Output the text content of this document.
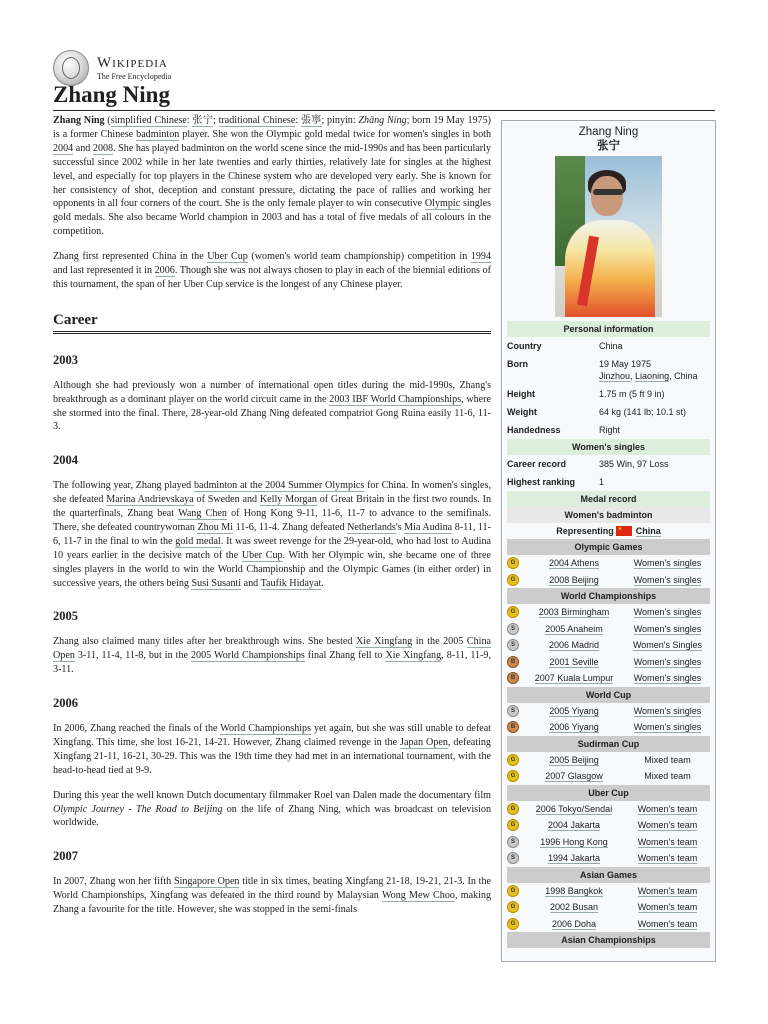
Wikipedia
The Free Encyclopedia
Zhang Ning

Zhang Ning (simplified Chinese: 张宁; traditional Chinese: 張寧; pinyin: Zhāng Níng; born 19 May 1975) is a former Chinese badminton player. She won the Olympic gold medal twice for women's singles in both 2004 and 2008. She has played badminton on the world scene since the mid-1990s and has been particularly successful since 2002 while in her late twenties and early thirties, relatively late for singles at the highest level, and especially for top players in the Chinese system who are developed very early. She is known for her consistency of shot, deception and constant pressure, dictating the pace of rallies and working her opponents in all four corners of the court. She is the only female player to win consecutive Olympic singles gold medals. She also became World champion in 2003 and has a total of five medals of all colours in the competition.

Zhang first represented China in the Uber Cup (women's world team championship) competition in 1994 and last represented it in 2006. Though she was not always chosen to play in each of the biennial editions of this tournament, the span of her Uber Cup service is the longest of any Chinese player.

Career
2003

Although she had previously won a number of international open titles during the mid-1990s, Zhang's breakthrough as a dominant player on the world circuit came in the 2003 IBF World Championships, where she stormed into the final. There, 28-year-old Zhang Ning defeated compatriot Gong Ruina easily 11-6, 11-3.

2004

The following year, Zhang played badminton at the 2004 Summer Olympics for China. In women's singles, she defeated Marina Andrievskaya of Sweden and Kelly Morgan of Great Britain in the first two rounds. In the quarterfinals, Zhang beat Wang Chen of Hong Kong 9-11, 11-6, 11-7 to advance to the semifinals. There, she defeated countrywoman Zhou Mi 11-6, 11-4. Zhang defeated Netherlands's Mia Audina 8-11, 11-6, 11-7 in the final to win the gold medal. It was sweet revenge for the 29-year-old, who had lost to Audina 10 years earlier in the decisive match of the Uber Cup. With her Olympic win, she became one of three singles players in the world to win the World Championship and the Olympic Games (in either order) in successive years, the others being Susi Susanti and Taufik Hidayat.

2005

Zhang also claimed many titles after her breakthrough wins. She bested Xie Xingfang in the 2005 China Open 3-11, 11-4, 11-8, but in the 2005 World Championships final Zhang fell to Xie Xingfang, 8-11, 11-9, 3-11.

2006

In 2006, Zhang reached the finals of the World Championships yet again, but she was still unable to defeat Xingfang. This time, she lost 16-21, 14-21. However, Zhang claimed revenge in the Japan Open, defeating Xingfang 21-11, 16-21, 30-29. This was the 19th time they had met in an international tournament, with the head-to-head tied at 9-9.

During this year the well known Dutch documentary filmmaker Roel van Dalen made the documentary film Olympic Journey - The Road to Beijing on the life of Zhang Ning, which was broadcast on television worldwide.

2007

In 2007, Zhang won her fifth Singapore Open title in six times, beating Xingfang 21-18, 19-21, 21-3. In the World Championships, Xingfang was defeated in the third round by Malaysian Wong Mew Choo, making Zhang a favourite for the title. However, she was stopped in the semi-finals

Zhang Ning
张宁
Personal information
Country	China
Born	19 May 1975
Jinzhou, Liaoning, China
Height	1.75 m (5 ft 9 in)
Weight	64 kg (141 lb; 10.1 st)
Handedness	Right
Women's singles
Career record	385 Win, 97 Loss
Highest ranking	1
Medal record
Women's badminton
Representing
★ China
Olympic Games
G	2004 Athens	Women's singles
G	2008 Beijing	Women's singles
World Championships
G	2003 Birmingham	Women's singles
S	2005 Anaheim	Women's singles
S	2006 Madrid	Women's Singles
B	2001 Seville	Women's singles
B	2007 Kuala Lumpur	Women's singles
World Cup
S	2005 Yiyang	Women's singles
B	2006 Yiyang	Women's singles
Sudirman Cup
G	2005 Beijing	Mixed team
G	2007 Glasgow	Mixed team
Uber Cup
G	2006 Tokyo/Sendai	Women's team
G	2004 Jakarta	Women's team
S	1996 Hong Kong	Women's team
S	1994 Jakarta	Women's team
Asian Games
G	1998 Bangkok	Women's team
G	2002 Busan	Women's team
G	2006 Doha	Women's team
Asian Championships
